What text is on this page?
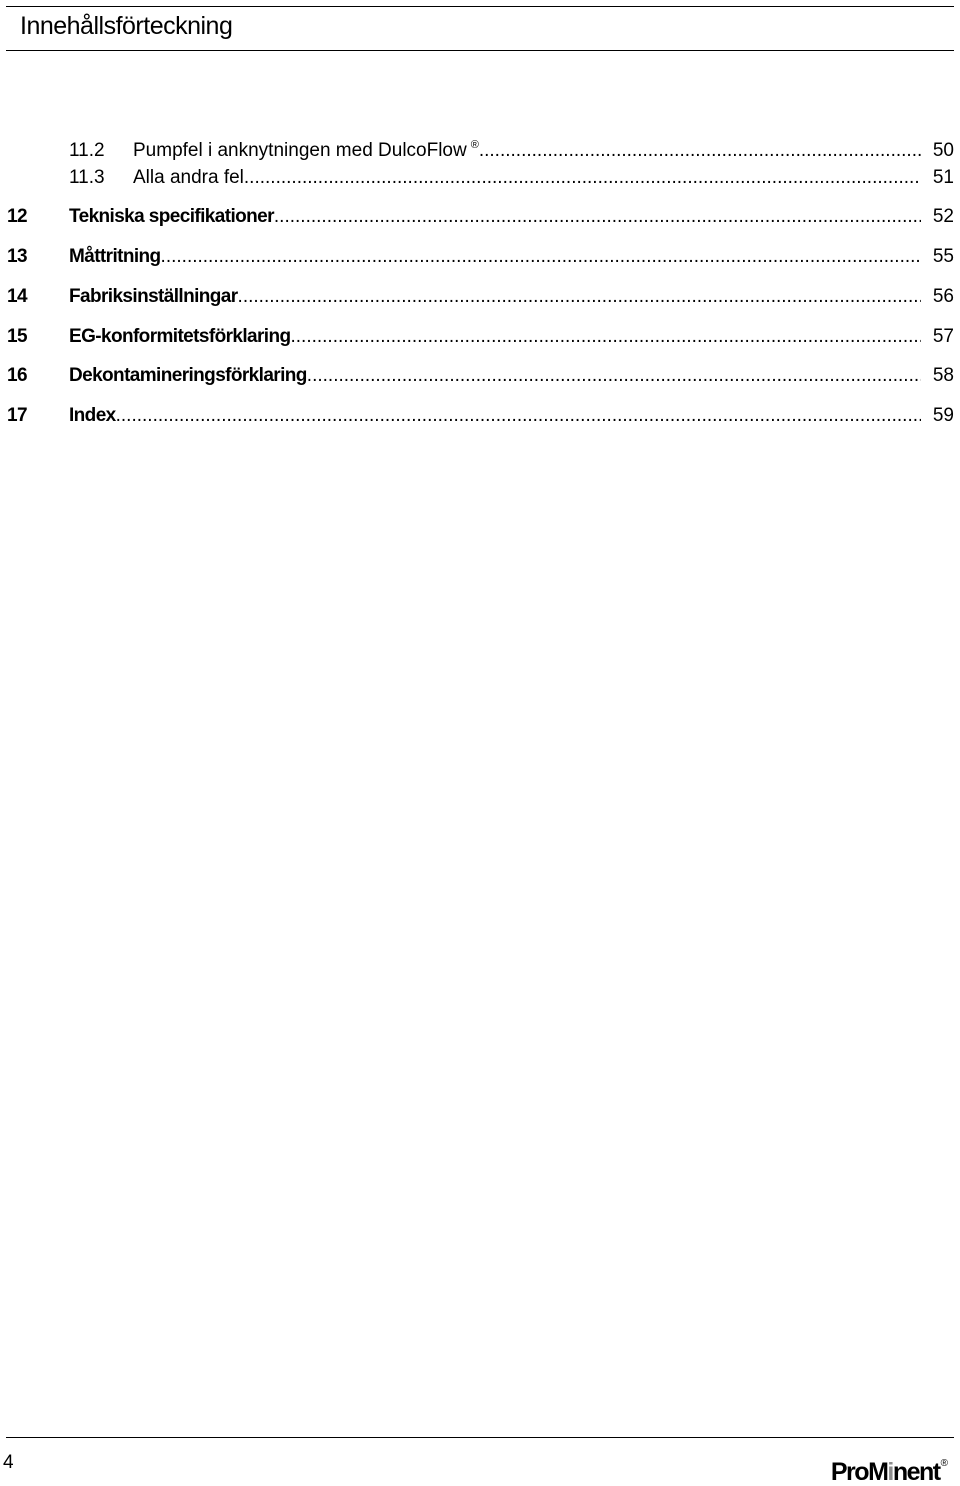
Innehållsförteckning
11.2	Pumpfel i anknytningen med DulcoFlow ® .....	50
11.3	Alla andra fel .....	51
12	Tekniska specifikationer .....	52
13	Måttritning .....	55
14	Fabriksinställningar .....	56
15	EG-konformitetsförklaring .....	57
16	Dekontamineringsförklaring .....	58
17	Index .....	59
4	ProMinent®
